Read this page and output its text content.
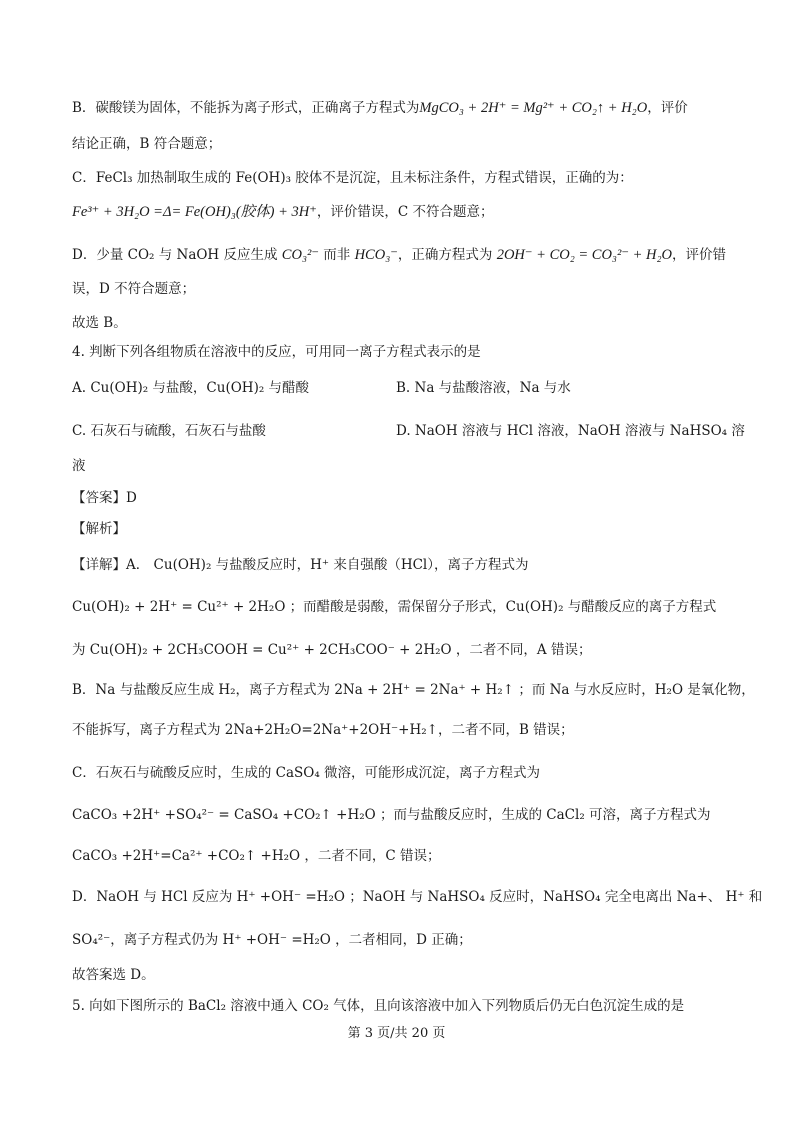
B．碳酸镁为固体，不能拆为离子形式，正确离子方程式为MgCO₃ + 2H⁺ = Mg²⁺ + CO₂↑ + H₂O，评价
结论正确，B 符合题意；
C．FeCl₃ 加热制取生成的 Fe(OH)₃ 胶体不是沉淀，且未标注条件，方程式错误，正确的为：
Fe³⁺ + 3H₂O =Δ= Fe(OH)₃(胶体) + 3H⁺，评价错误，C 不符合题意；
D．少量 CO₂ 与 NaOH 反应生成 CO₃²⁻ 而非 HCO₃⁻，正确方程式为 2OH⁻ + CO₂ = CO₃²⁻ + H₂O，评价错
误，D 不符合题意；
故选 B。
4. 判断下列各组物质在溶液中的反应，可用同一离子方程式表示的是
A. Cu(OH)₂ 与盐酸，Cu(OH)₂ 与醋酸	B. Na 与盐酸溶液，Na 与水
C. 石灰石与硫酸，石灰石与盐酸	D. NaOH 溶液与 HCl 溶液，NaOH 溶液与 NaHSO₄ 溶
液
【答案】D
【解析】
【详解】A． Cu(OH)₂ 与盐酸反应时，H⁺ 来自强酸（HCl），离子方程式为
Cu(OH)₂ + 2H⁺ = Cu²⁺ + 2H₂O ；而醋酸是弱酸，需保留分子形式，Cu(OH)₂ 与醋酸反应的离子方程式
为 Cu(OH)₂ + 2CH₃COOH = Cu²⁺ + 2CH₃COO⁻ + 2H₂O ，二者不同，A 错误；
B．Na 与盐酸反应生成 H₂，离子方程式为 2Na + 2H⁺ = 2Na⁺ + H₂↑ ；而 Na 与水反应时，H₂O 是氧化物，
不能拆写，离子方程式为 2Na+2H₂O=2Na⁺+2OH⁻+H₂↑，二者不同，B 错误；
C．石灰石与硫酸反应时，生成的 CaSO₄ 微溶，可能形成沉淀，离子方程式为
CaCO₃ +2H⁺ +SO₄²⁻ = CaSO₄ +CO₂↑ +H₂O ；而与盐酸反应时，生成的 CaCl₂ 可溶，离子方程式为
CaCO₃ +2H⁺=Ca²⁺ +CO₂↑ +H₂O ，二者不同，C 错误；
D．NaOH 与 HCl 反应为 H⁺ +OH⁻ =H₂O ；NaOH 与 NaHSO₄ 反应时，NaHSO₄ 完全电离出 Na+、 H⁺ 和
SO₄²⁻，离子方程式仍为 H⁺ +OH⁻ =H₂O ，二者相同，D 正确；
故答案选 D。
5. 向如下图所示的 BaCl₂ 溶液中通入 CO₂ 气体，且向该溶液中加入下列物质后仍无白色沉淀生成的是
第 3 页/共 20 页
